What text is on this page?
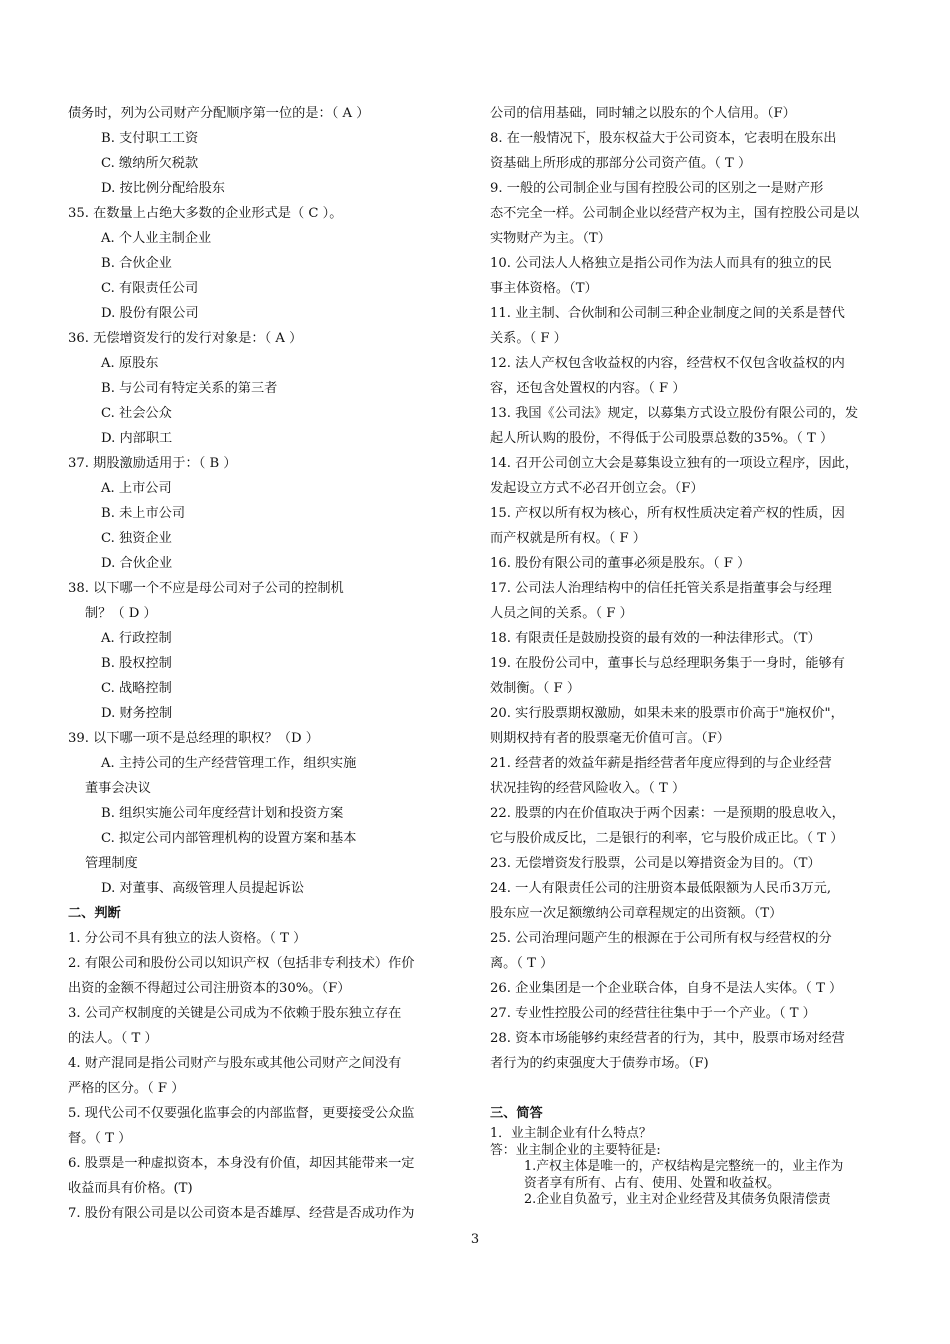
债务时，列为公司财产分配顺序第一位的是：（ A ）
B. 支付职工工资
C. 缴纳所欠税款
D. 按比例分配给股东
35. 在数量上占绝大多数的企业形式是（ C ）。
A. 个人业主制企业
B. 合伙企业
C. 有限责任公司
D. 股份有限公司
36. 无偿增资发行的发行对象是：（ A ）
A. 原股东
B. 与公司有特定关系的第三者
C. 社会公众
D. 内部职工
37. 期股激励适用于：（ B ）
A. 上市公司
B. 未上市公司
C. 独资企业
D. 合伙企业
38. 以下哪一个不应是母公司对子公司的控制机
制？（ D ）
A. 行政控制
B. 股权控制
C. 战略控制
D. 财务控制
39. 以下哪一项不是总经理的职权？（D ）
A. 主持公司的生产经营管理工作，组织实施
董事会决议
B. 组织实施公司年度经营计划和投资方案
C. 拟定公司内部管理机构的设置方案和基本
管理制度
D. 对董事、高级管理人员提起诉讼
二、判断
1. 分公司不具有独立的法人资格。（ T ）
2. 有限公司和股份公司以知识产权（包括非专利技术）作价
出资的金额不得超过公司注册资本的30%。（F）
3. 公司产权制度的关键是公司成为不依赖于股东独立存在
的法人。（ T ）
4. 财产混同是指公司财产与股东或其他公司财产之间没有
严格的区分。（ F ）
5. 现代公司不仅要强化监事会的内部监督，更要接受公众监
督。（ T ）
6. 股票是一种虚拟资本，本身没有价值，却因其能带来一定
收益而具有价格。(T)
7. 股份有限公司是以公司资本是否雄厚、经营是否成功作为
公司的信用基础，同时辅之以股东的个人信用。（F）
8. 在一般情况下，股东权益大于公司资本，它表明在股东出
资基础上所形成的那部分公司资产值。（ T ）
9. 一般的公司制企业与国有控股公司的区别之一是财产形
态不完全一样。公司制企业以经营产权为主，国有控股公司是以
实物财产为主。（T）
10. 公司法人人格独立是指公司作为法人而具有的独立的民
事主体资格。（T）
11. 业主制、合伙制和公司制三种企业制度之间的关系是替代
关系。（ F ）
12. 法人产权包含收益权的内容，经营权不仅包含收益权的内
容，还包含处置权的内容。（ F ）
13. 我国《公司法》规定，以募集方式设立股份有限公司的，发
起人所认购的股份，不得低于公司股票总数的35%。（ T ）
14. 召开公司创立大会是募集设立独有的一项设立程序，因此，
发起设立方式不必召开创立会。（F）
15. 产权以所有权为核心，所有权性质决定着产权的性质，因
而产权就是所有权。（ F ）
16. 股份有限公司的董事必须是股东。（ F ）
17. 公司法人治理结构中的信任托管关系是指董事会与经理
人员之间的关系。（ F ）
18. 有限责任是鼓励投资的最有效的一种法律形式。（T）
19. 在股份公司中，董事长与总经理职务集于一身时，能够有
效制衡。（ F ）
20. 实行股票期权激励，如果未来的股票市价高于"施权价"，
则期权持有者的股票毫无价值可言。（F）
21. 经营者的效益年薪是指经营者年度应得到的与企业经营
状况挂钩的经营风险收入。（ T ）
22. 股票的内在价值取决于两个因素：一是预期的股息收入，
它与股价成反比，二是银行的利率，它与股价成正比。（ T ）
23. 无偿增资发行股票，公司是以筹措资金为目的。（T）
24. 一人有限责任公司的注册资本最低限额为人民币3万元,
股东应一次足额缴纳公司章程规定的出资额。（T）
25. 公司治理问题产生的根源在于公司所有权与经营权的分
离。（ T ）
26. 企业集团是一个企业联合体，自身不是法人实体。（ T ）
27. 专业性控股公司的经营往往集中于一个产业。（ T ）
28. 资本市场能够约束经营者的行为，其中，股票市场对经营
者行为的约束强度大于债券市场。（F)
三、简答
1．业主制企业有什么特点？
答：业主制企业的主要特征是:
1.产权主体是唯一的，产权结构是完整统一的，业主作为
资者享有所有、占有、使用、处置和收益权。
2.企业自负盈亏，业主对企业经营及其债务负限清偿责
3
